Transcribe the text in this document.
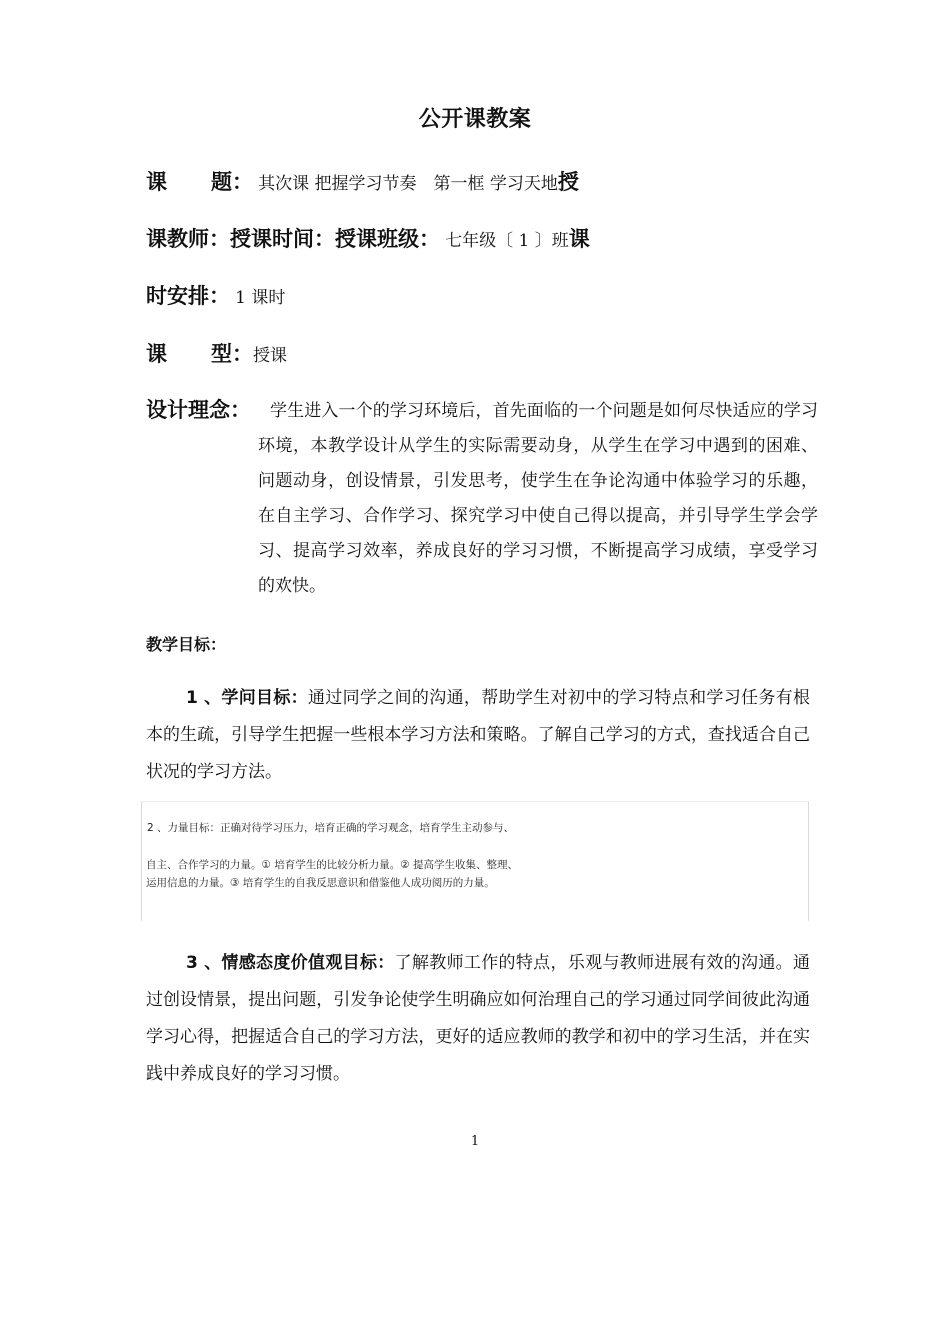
公开课教案
课 题： 其次课 把握学习节奏　第一框 学习天地授
课教师：授课时间：授课班级： 七年级〔 1 〕班课
时安排： 1 课时
课 型：授课
设计理念：	学生进入一个的学习环境后，首先面临的一个问题是如何尽快适应的学习环境，本教学设计从学生的实际需要动身，从学生在学习中遇到的困难、问题动身，创设情景，引发思考，使学生在争论沟通中体验学习的乐趣，在自主学习、合作学习、探究学习中使自己得以提高，并引导学生学会学习、提高学习效率，养成良好的学习习惯，不断提高学习成绩，享受学习的欢快。

教学目标：

1 、学问目标：通过同学之间的沟通，帮助学生对初中的学习特点和学习任务有根本的生疏，引导学生把握一些根本学习方法和策略。了解自己学习的方式，查找适合自己状况的学习方法。

2 、力量目标：正确对待学习压力，培育正确的学习观念，培育学生主动参与、
自主、合作学习的力量。① 培育学生的比较分析力量。② 提高学生收集、整理、
运用信息的力量。③ 培育学生的自我反思意识和借鉴他人成功阅历的力量。

3 、情感态度价值观目标：了解教师工作的特点，乐观与教师进展有效的沟通。通过创设情景，提出问题，引发争论使学生明确应如何治理自己的学习通过同学间彼此沟通学习心得，把握适合自己的学习方法，更好的适应教师的教学和初中的学习生活，并在实践中养成良好的学习习惯。

1
